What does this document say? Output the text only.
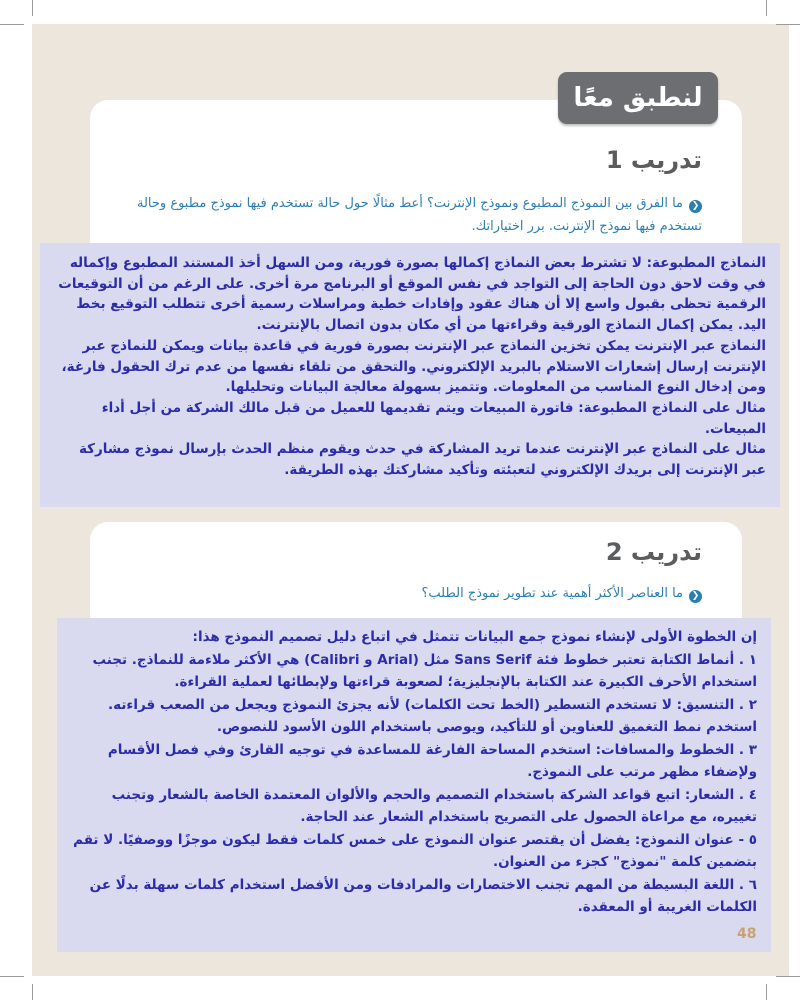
لنطبق معًا
تدريب 1
❮ما الفرق بين النموذج المطبوع ونموذج الإنترنت؟ أعط مثالًا حول حالة تستخدم فيها نموذج مطبوع وحالة تستخدم فيها نموذج الإنترنت. برر اختياراتك.

النماذج المطبوعة: لا تشترط بعض النماذج إكمالها بصورة فورية، ومن السهل أخذ المستند المطبوع وإكماله في وقت لاحق دون الحاجة إلى التواجد في نفس الموقع أو البرنامج مرة أخرى. على الرغم من أن التوقيعات الرقمية تحظى بقبول واسع إلا أن هناك عقود وإفادات خطية ومراسلات رسمية أخرى تتطلب التوقيع بخط اليد. يمكن إكمال النماذج الورقية وقراءتها من أي مكان بدون اتصال بالإنترنت.

النماذج عبر الإنترنت يمكن تخزين النماذج عبر الإنترنت بصورة فورية في قاعدة بيانات ويمكن للنماذج عبر الإنترنت إرسال إشعارات الاستلام بالبريد الإلكتروني. والتحقق من تلقاء نفسها من عدم ترك الحقول فارغة، ومن إدخال النوع المناسب من المعلومات. وتتميز بسهولة معالجة البيانات وتحليلها.

مثال على النماذج المطبوعة: فاتورة المبيعات ويتم تقديمها للعميل من قبل مالك الشركة من أجل أداء المبيعات.

مثال على النماذج عبر الإنترنت عندما تريد المشاركة في حدث ويقوم منظم الحدث بإرسال نموذج مشاركة عبر الإنترنت إلى بريدك الإلكتروني لتعبئته وتأكيد مشاركتك بهذه الطريقة.

تدريب 2
❮ما العناصر الأكثر أهمية عند تطوير نموذج الطلب؟

إن الخطوة الأولى لإنشاء نموذج جمع البيانات تتمثل في اتباع دليل تصميم النموذج هذا:

١ . أنماط الكتابة تعتبر خطوط فئة Sans Serif مثل (Arial و Calibri) هي الأكثر ملاءمة للنماذج. تجنب استخدام الأحرف الكبيرة عند الكتابة بالإنجليزية؛ لصعوبة قراءتها ولإبطائها لعملية القراءة.

٢ . التنسيق: لا تستخدم التسطير (الخط تحت الكلمات) لأنه يجزئ النموذج ويجعل من الصعب قراءته. استخدم نمط التغميق للعناوين أو للتأكيد، ويوصى باستخدام اللون الأسود للنصوص.

٣ . الخطوط والمسافات: استخدم المساحة الفارغة للمساعدة في توجيه القارئ وفي فصل الأقسام ولإضفاء مظهر مرتب على النموذج.

٤ . الشعار: اتبع قواعد الشركة باستخدام التصميم والحجم والألوان المعتمدة الخاصة بالشعار وتجنب تغييره، مع مراعاة الحصول على التصريح باستخدام الشعار عند الحاجة.

٥ - عنوان النموذج: يفضل أن يقتصر عنوان النموذج على خمس كلمات فقط ليكون موجزًا ووصفيًا. لا تقم بتضمين كلمة "نموذج" كجزء من العنوان.

٦ . اللغة البسيطة من المهم تجنب الاختصارات والمرادفات ومن الأفضل استخدام كلمات سهلة بدلًا عن الكلمات الغريبة أو المعقدة.

48
